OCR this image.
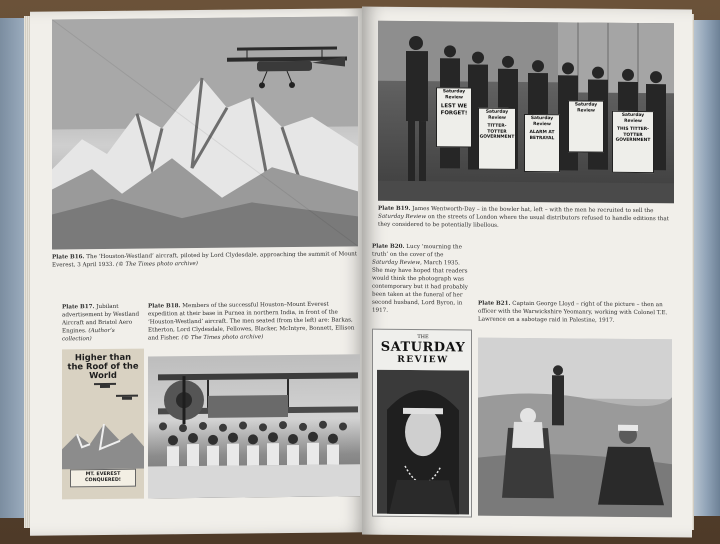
Plate B16. The ‘Houston-Westland’ aircraft, piloted by Lord Clydesdale, approaching the summit of Mount Everest, 3 April 1933. (© The Times photo archive)
Plate B17. Jubilant advertisement by Westland Aircraft and Bristol Aero Engines. (Author’s collection)
Plate B18. Members of the successful Houston–Mount Everest expedition at their base in Purnea in northern India, in front of the ‘Houston-Westland’ aircraft. The men seated (from the left) are: Barkas, Etherton, Lord Clydesdale, Fellowes, Blacker, McIntyre, Bonnett, Ellison and Fisher. (© The Times photo archive)
Higher than the Roof of the World
MT. EVEREST CONQUERED!
Saturday
Review
LEST WE FORGET!	Saturday
Review
TITTER-TOTTER GOVERNMENT
Saturday
Review
ALARM AT BETRAYAL
Saturday
Review
Saturday
Review
THIS TITTER-TOTTER GOVERNMENT
Plate B19. James Wentworth-Day – in the bowler hat, left – with the men he recruited to sell the Saturday Review on the streets of London where the usual distributors refused to handle editions that they considered to be potentially libellous.
Plate B20. Lucy ‘mourning the truth’ on the cover of the Saturday Review, March 1935. She may have hoped that readers would think the photograph was contemporary but it had probably been taken at the funeral of her second husband, Lord Byron, in 1917.
Plate B21. Captain George Lloyd – right of the picture – then an officer with the Warwickshire Yeomanry, working with Colonel T.E. Lawrence on a sabotage raid in Palestine, 1917.
THE
SATURDAY
REVIEW
